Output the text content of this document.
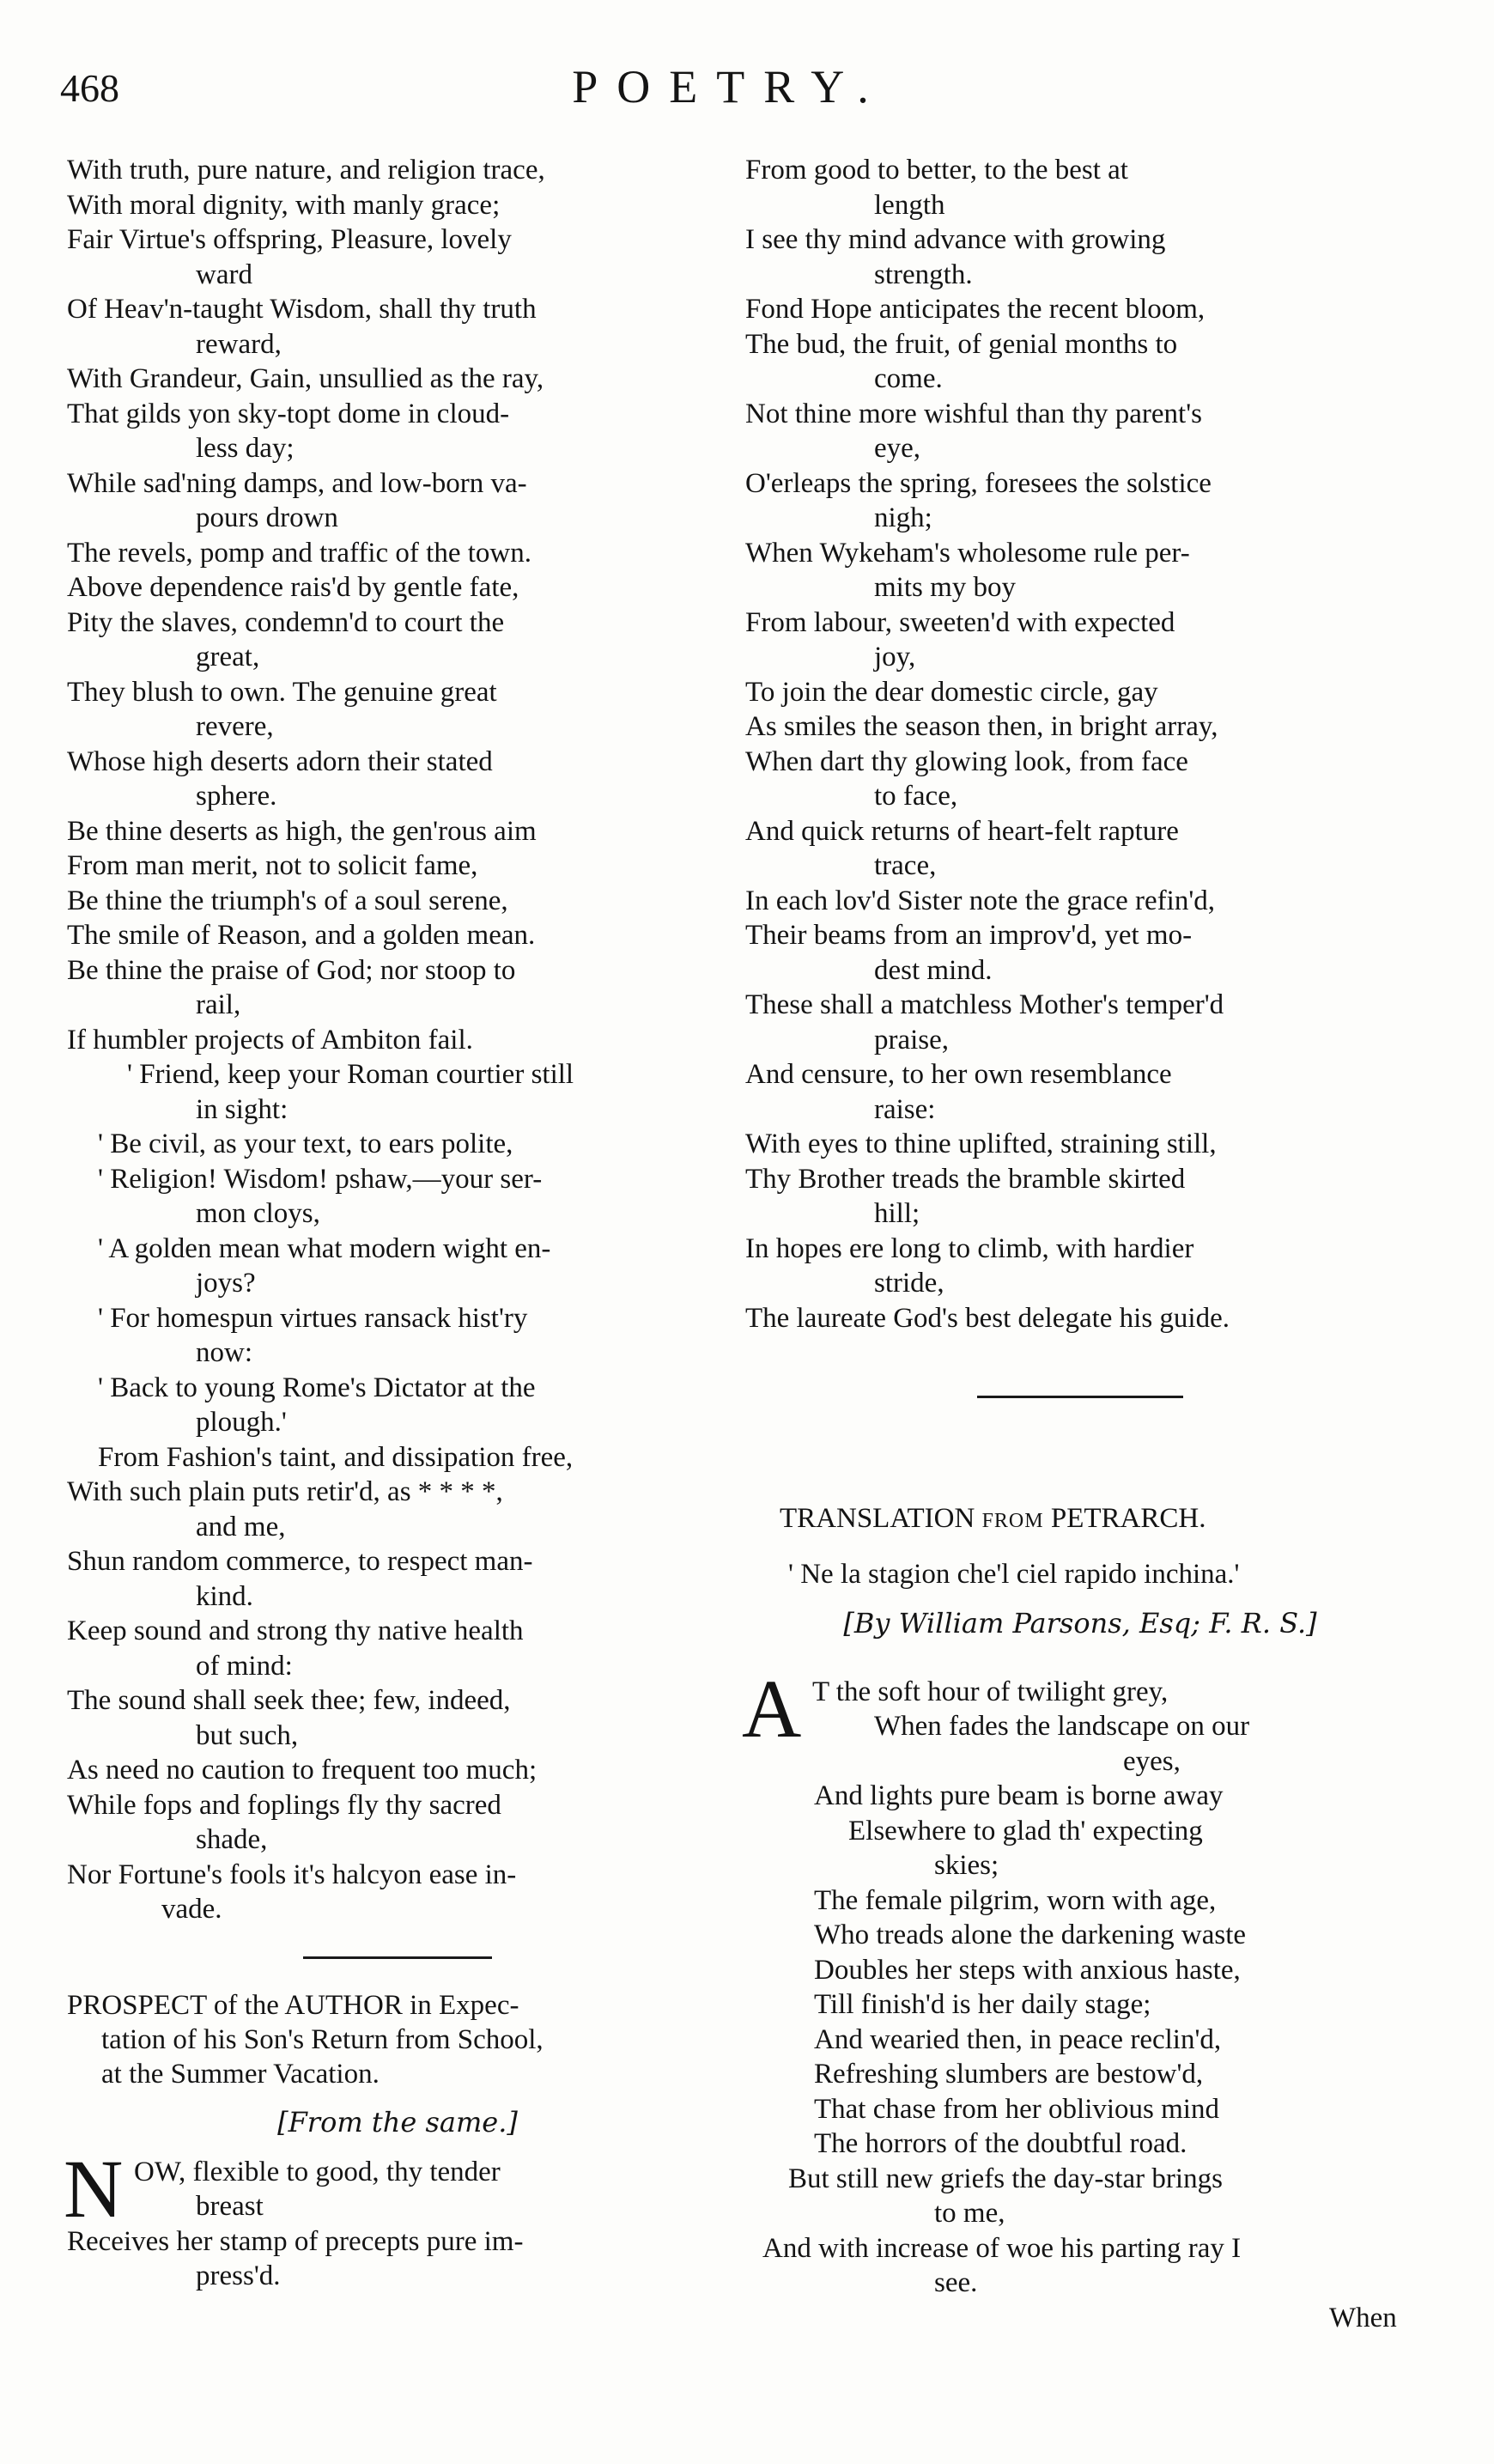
468	POETRY.
With truth, pure nature, and religion trace,
With moral dignity, with manly grace;
Fair Virtue's offspring, Pleasure, lovely
ward
Of Heav'n-taught Wisdom, shall thy truth
reward,
With Grandeur, Gain, unsullied as the ray,
That gilds yon sky-topt dome in cloud-
less day;
While sad'ning damps, and low-born va-
pours drown
The revels, pomp and traffic of the town.
Above dependence rais'd by gentle fate,
Pity the slaves, condemn'd to court the
great,
They blush to own. The genuine great
revere,
Whose high deserts adorn their stated
sphere.
Be thine deserts as high, the gen'rous aim
From man merit, not to solicit fame,
Be thine the triumph's of a soul serene,
The smile of Reason, and a golden mean.
Be thine the praise of God; nor stoop to
rail,
If humbler projects of Ambiton fail.
' Friend, keep your Roman courtier still
in sight:
' Be civil, as your text, to ears polite,
' Religion! Wisdom! pshaw,—your ser-
mon cloys,
' A golden mean what modern wight en-
joys?
' For homespun virtues ransack hist'ry
now:
' Back to young Rome's Dictator at the
plough.'
From Fashion's taint, and dissipation free,
With such plain puts retir'd, as * * * *,
and me,
Shun random commerce, to respect man-
kind.
Keep sound and strong thy native health
of mind:
The sound shall seek thee; few, indeed,
but such,
As need no caution to frequent too much;
While fops and foplings fly thy sacred
shade,
Nor Fortune's fools it's halcyon ease in-
vade.
PROSPECT of the AUTHOR in Expec-
tation of his Son's Return from School,
at the Summer Vacation.
[From the same.]
N OW, flexible to good, thy tender
breast
Receives her stamp of precepts pure im-
press'd.
From good to better, to the best at
length
I see thy mind advance with growing
strength.
Fond Hope anticipates the recent bloom,
The bud, the fruit, of genial months to
come.
Not thine more wishful than thy parent's
eye,
O'erleaps the spring, foresees the solstice
nigh;
When Wykeham's wholesome rule per-
mits my boy
From labour, sweeten'd with expected
joy,
To join the dear domestic circle, gay
As smiles the season then, in bright array,
When dart thy glowing look, from face
to face,
And quick returns of heart-felt rapture
trace,
In each lov'd Sister note the grace refin'd,
Their beams from an improv'd, yet mo-
dest mind.
These shall a matchless Mother's temper'd
praise,
And censure, to her own resemblance
raise:
With eyes to thine uplifted, straining still,
Thy Brother treads the bramble skirted
hill;
In hopes ere long to climb, with hardier
stride,
The laureate God's best delegate his guide.
TRANSLATION FROM PETRARCH.
' Ne la stagion che'l ciel rapido inchina.'
[By William Parsons, Esq; F. R. S.]
A T the soft hour of twilight grey,
When fades the landscape on our
eyes,
And lights pure beam is borne away
Elsewhere to glad th' expecting
skies;
The female pilgrim, worn with age,
Who treads alone the darkening waste
Doubles her steps with anxious haste,
Till finish'd is her daily stage;
And wearied then, in peace reclin'd,
Refreshing slumbers are bestow'd,
That chase from her oblivious mind
The horrors of the doubtful road.
But still new griefs the day-star brings
to me,
And with increase of woe his parting ray I
see.
When
